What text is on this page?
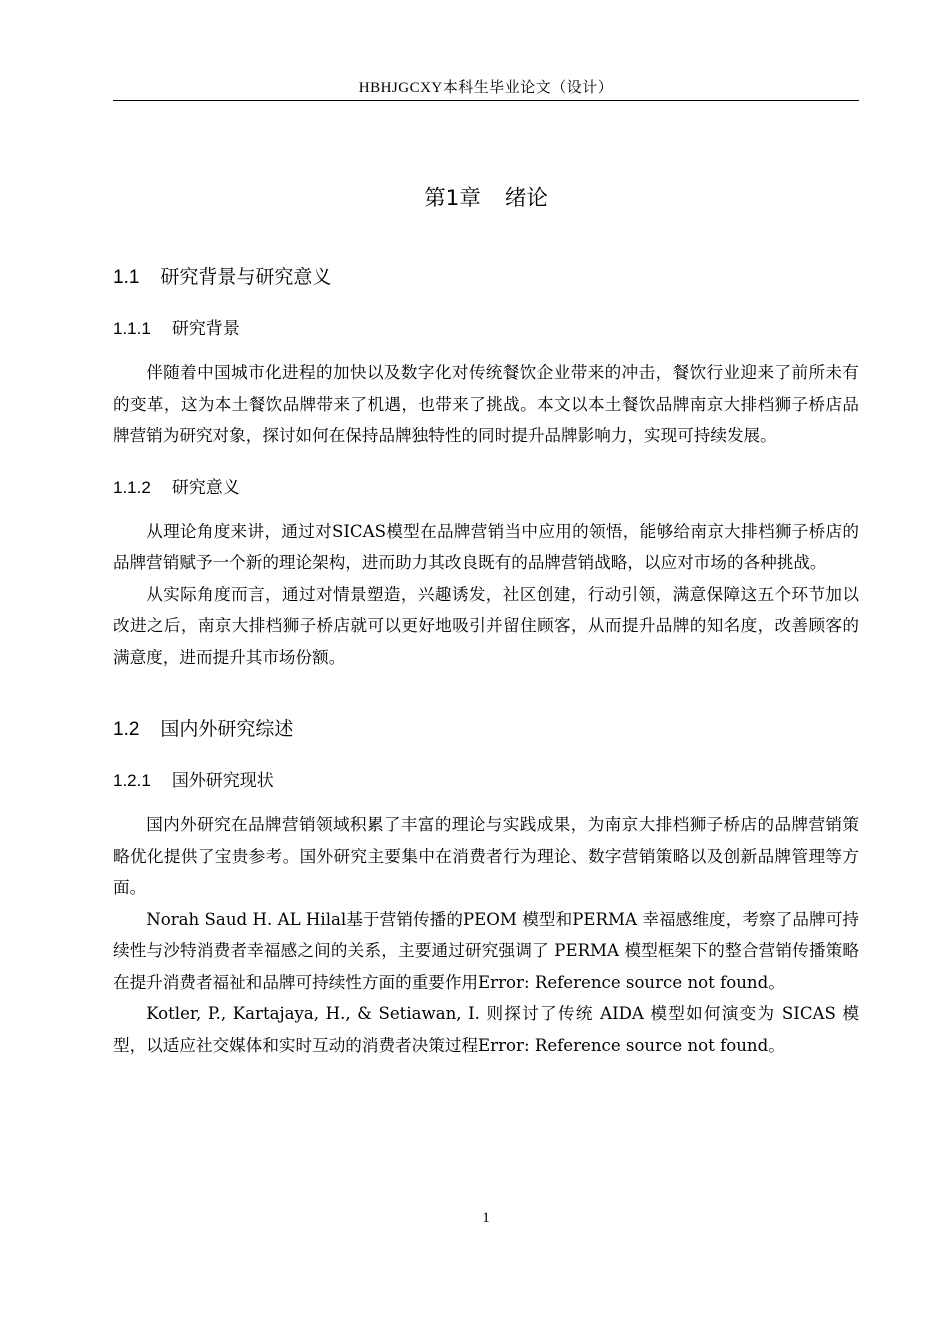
HBHJGCXY本科生毕业论文（设计）
第1章 绪论
1.1 研究背景与研究意义
1.1.1 研究背景

伴随着中国城市化进程的加快以及数字化对传统餐饮企业带来的冲击，餐饮行业迎来了前所未有的变革，这为本土餐饮品牌带来了机遇，也带来了挑战。本文以本土餐饮品牌南京大排档狮子桥店品牌营销为研究对象，探讨如何在保持品牌独特性的同时提升品牌影响力，实现可持续发展。

1.1.2 研究意义

从理论角度来讲，通过对SICAS模型在品牌营销当中应用的领悟，能够给南京大排档狮子桥店的品牌营销赋予一个新的理论架构，进而助力其改良既有的品牌营销战略，以应对市场的各种挑战。

从实际角度而言，通过对情景塑造，兴趣诱发，社区创建，行动引领，满意保障这五个环节加以改进之后，南京大排档狮子桥店就可以更好地吸引并留住顾客，从而提升品牌的知名度，改善顾客的满意度，进而提升其市场份额。

1.2 国内外研究综述
1.2.1 国外研究现状

国内外研究在品牌营销领域积累了丰富的理论与实践成果，为南京大排档狮子桥店的品牌营销策略优化提供了宝贵参考。国外研究主要集中在消费者行为理论、数字营销策略以及创新品牌管理等方面。

Norah Saud H. AL Hilal基于营销传播的PEOM 模型和PERMA 幸福感维度，考察了品牌可持续性与沙特消费者幸福感之间的关系，主要通过研究强调了 PERMA 模型框架下的整合营销传播策略在提升消费者福祉和品牌可持续性方面的重要作用Error: Reference source not found。

Kotler, P., Kartajaya, H., & Setiawan, I. 则探讨了传统 AIDA 模型如何演变为 SICAS 模型，以适应社交媒体和实时互动的消费者决策过程Error: Reference source not found。

1
